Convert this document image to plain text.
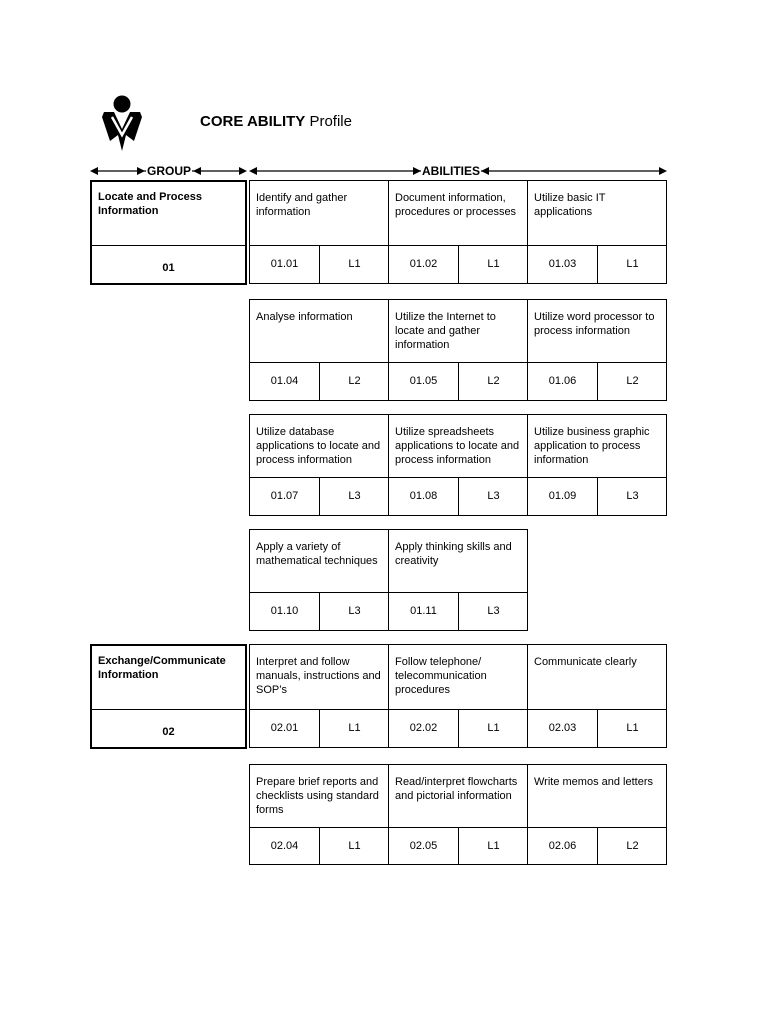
CORE ABILITY Profile
GROUP	ABILITIES
Locate and Process Information
01
Exchange/Communicate Information
02
Identify and gather information
01.01	L1
Document information, procedures or processes
01.02	L1
Utilize basic IT applications
01.03	L1
Analyse information
01.04	L2
Utilize the Internet to locate and gather information
01.05	L2
Utilize word processor to process information
01.06	L2
Utilize database applications to locate and process information
01.07	L3
Utilize spreadsheets applications to locate and process information
01.08	L3
Utilize business graphic application to process information
01.09	L3
Apply a variety of mathematical techniques
01.10	L3
Apply thinking skills and creativity
01.11	L3
Interpret and follow manuals, instructions and SOP’s
02.01	L1
Follow telephone/ telecommunication procedures
02.02	L1
Communicate clearly
02.03	L1
Prepare brief reports and checklists using standard forms
02.04	L1
Read/interpret flowcharts and pictorial information
02.05	L1
Write memos and letters
02.06	L2
